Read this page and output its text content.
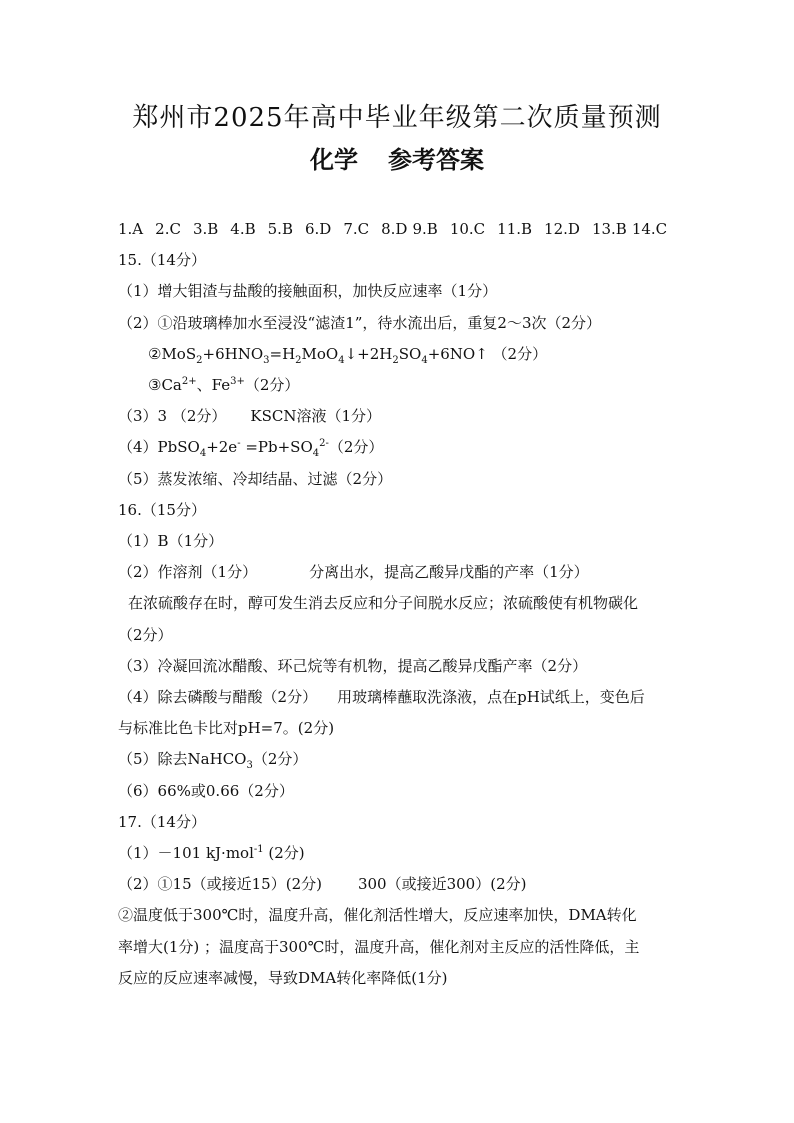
郑州市2025年高中毕业年级第二次质量预测
化学 参考答案
1.A 2.C 3.B 4.B 5.B 6.D 7.C 8.D 9.B 10.C 11.B 12.D 13.B 14.C
15.（14分）
（1）增大钼渣与盐酸的接触面积，加快反应速率（1分）
（2）①沿玻璃棒加水至浸没“滤渣1”，待水流出后，重复2～3次（2分）
$②MoS_2+6HNO_3=H_2MoO_4↓+2H_2SO_4+6NO↑$ （2分）
$③Ca^{2+}$、$Fe^{3+}(2$分）
（3）3 （2分） KSCN溶液（1分）
（4）PbSO$_4$+2e- $=Pb+SO_4^{2-}(2$分）
（5）蒸发浓缩、冷却结晶、过滤（2分）
16.（15分）
（1）B（1分）
（2）作溶剂（1分）	分离出水，提高乙酸异戊酯的产率（1分）
在浓硫酸存在时，醇可发生消去反应和分子间脱水反应；浓硫酸使有机物碳化
（2分）
（3）冷凝回流冰醋酸、环己烷等有机物，提高乙酸异戊酯产率（2分）
（4）除去磷酸与醋酸（2分） 用玻璃棒蘸取洗涤液，点在pH试纸上，变色后
与标准比色卡比对pH=7。(2分)
（5）除去NaHCO$_3$（2分）
（6）66%或0.66（2分）
17.（14分）
（1）－101 kJ·mol$^{-1}$ (2分)
（2）①15（或接近15）(2分) 300（或接近300）(2分)
②温度低于300℃时，温度升高，催化剂活性增大，反应速率加快，DMA转化
率增大(1分) ；温度高于300℃时，温度升高，催化剂对主反应的活性降低，主
反应的反应速率减慢，导致DMA转化率降低(1分)
